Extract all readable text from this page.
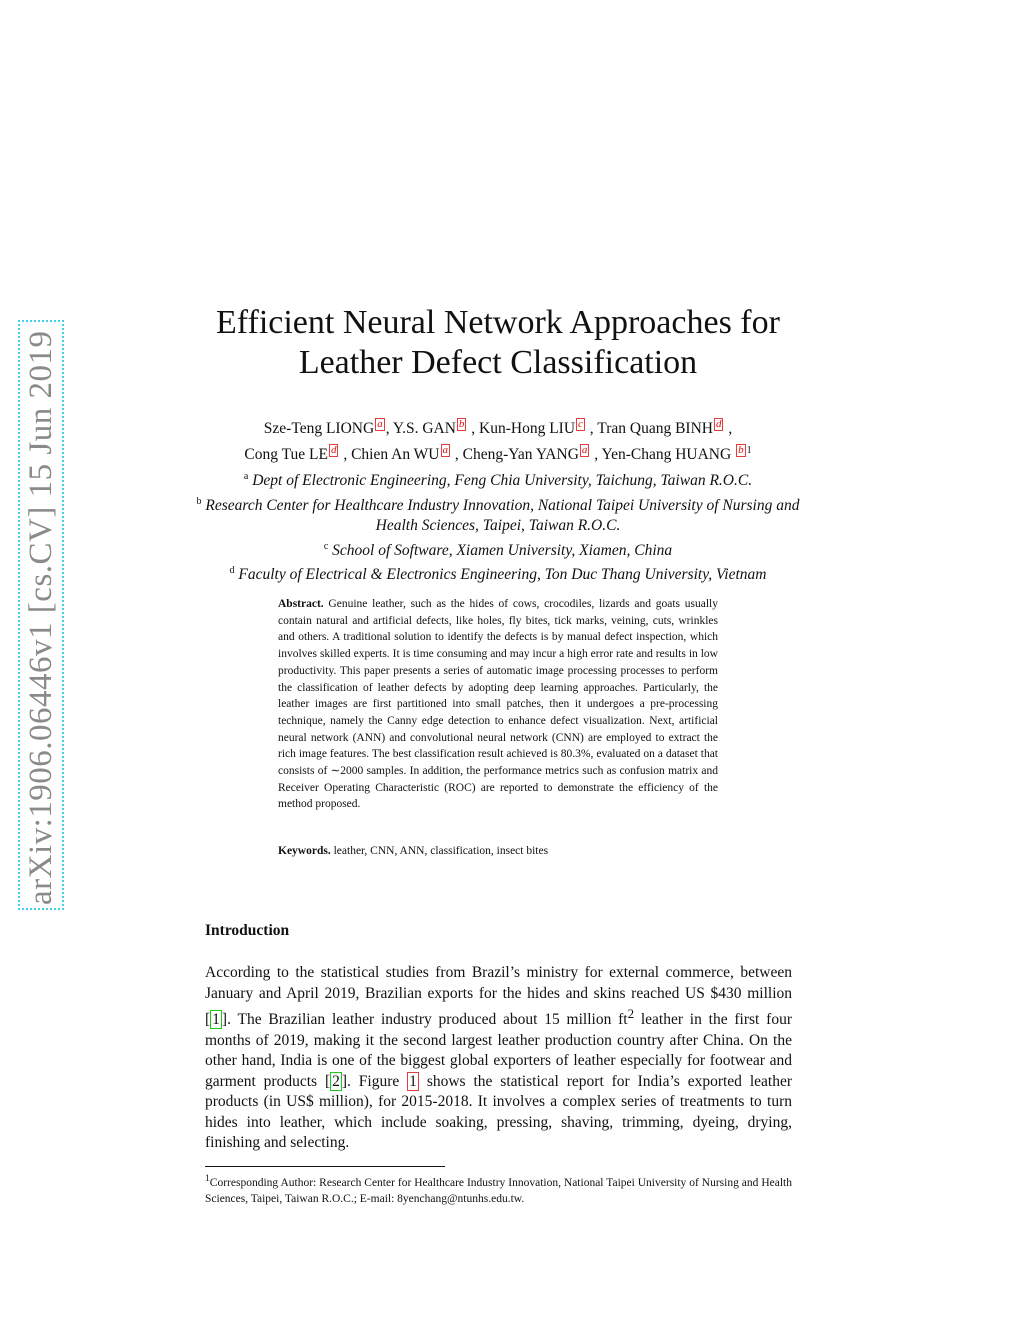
arXiv:1906.06446v1 [cs.CV] 15 Jun 2019
Efficient Neural Network Approaches for
Leather Defect Classification
Sze-Teng LIONG a , Y.S. GAN b , Kun-Hong LIU c , Tran Quang BINH d ,
Cong Tue LE d , Chien An WU a , Cheng-Yan YANG a , Yen-Chang HUANG b $^1$
$^a$ Dept of Electronic Engineering, Feng Chia University, Taichung, Taiwan R.O.C.
$^b$ Research Center for Healthcare Industry Innovation, National Taipei University of Nursing and Health Sciences, Taipei, Taiwan R.O.C.
$^c$ School of Software, Xiamen University, Xiamen, China
$^d$ Faculty of Electrical & Electronics Engineering, Ton Duc Thang University, Vietnam
Abstract. Genuine leather, such as the hides of cows, crocodiles, lizards and goats usually contain natural and artificial defects, like holes, fly bites, tick marks, veining, cuts, wrinkles and others. A traditional solution to identify the defects is by manual defect inspection, which involves skilled experts. It is time consuming and may incur a high error rate and results in low productivity. This paper presents a series of automatic image processing processes to perform the classification of leather defects by adopting deep learning approaches. Particularly, the leather images are first partitioned into small patches, then it undergoes a pre-processing technique, namely the Canny edge detection to enhance defect visualization. Next, artificial neural network (ANN) and convolutional neural network (CNN) are employed to extract the rich image features. The best classification result achieved is 80.3%, evaluated on a dataset that consists of ∼2000 samples. In addition, the performance metrics such as confusion matrix and Receiver Operating Characteristic (ROC) are reported to demonstrate the efficiency of the method proposed.
Keywords. leather, CNN, ANN, classification, insect bites
Introduction
According to the statistical studies from Brazil’s ministry for external commerce, between January and April 2019, Brazilian exports for the hides and skins reached US $430 million [ 1 ]. The Brazilian leather industry produced about 15 million $ft^2$ leather in the first four months of 2019, making it the second largest leather production country after China. On the other hand, India is one of the biggest global exporters of leather especially for footwear and garment products [ 2 ]. Figure 1 shows the statistical report for India’s exported leather products (in US$ million), for 2015-2018. It involves a complex series of treatments to turn hides into leather, which include soaking, pressing, shaving, trimming, dyeing, drying, finishing and selecting.
$^1$Corresponding Author: Research Center for Healthcare Industry Innovation, National Taipei University of Nursing and Health Sciences, Taipei, Taiwan R.O.C.; E-mail: 8yenchang@ntunhs.edu.tw.
